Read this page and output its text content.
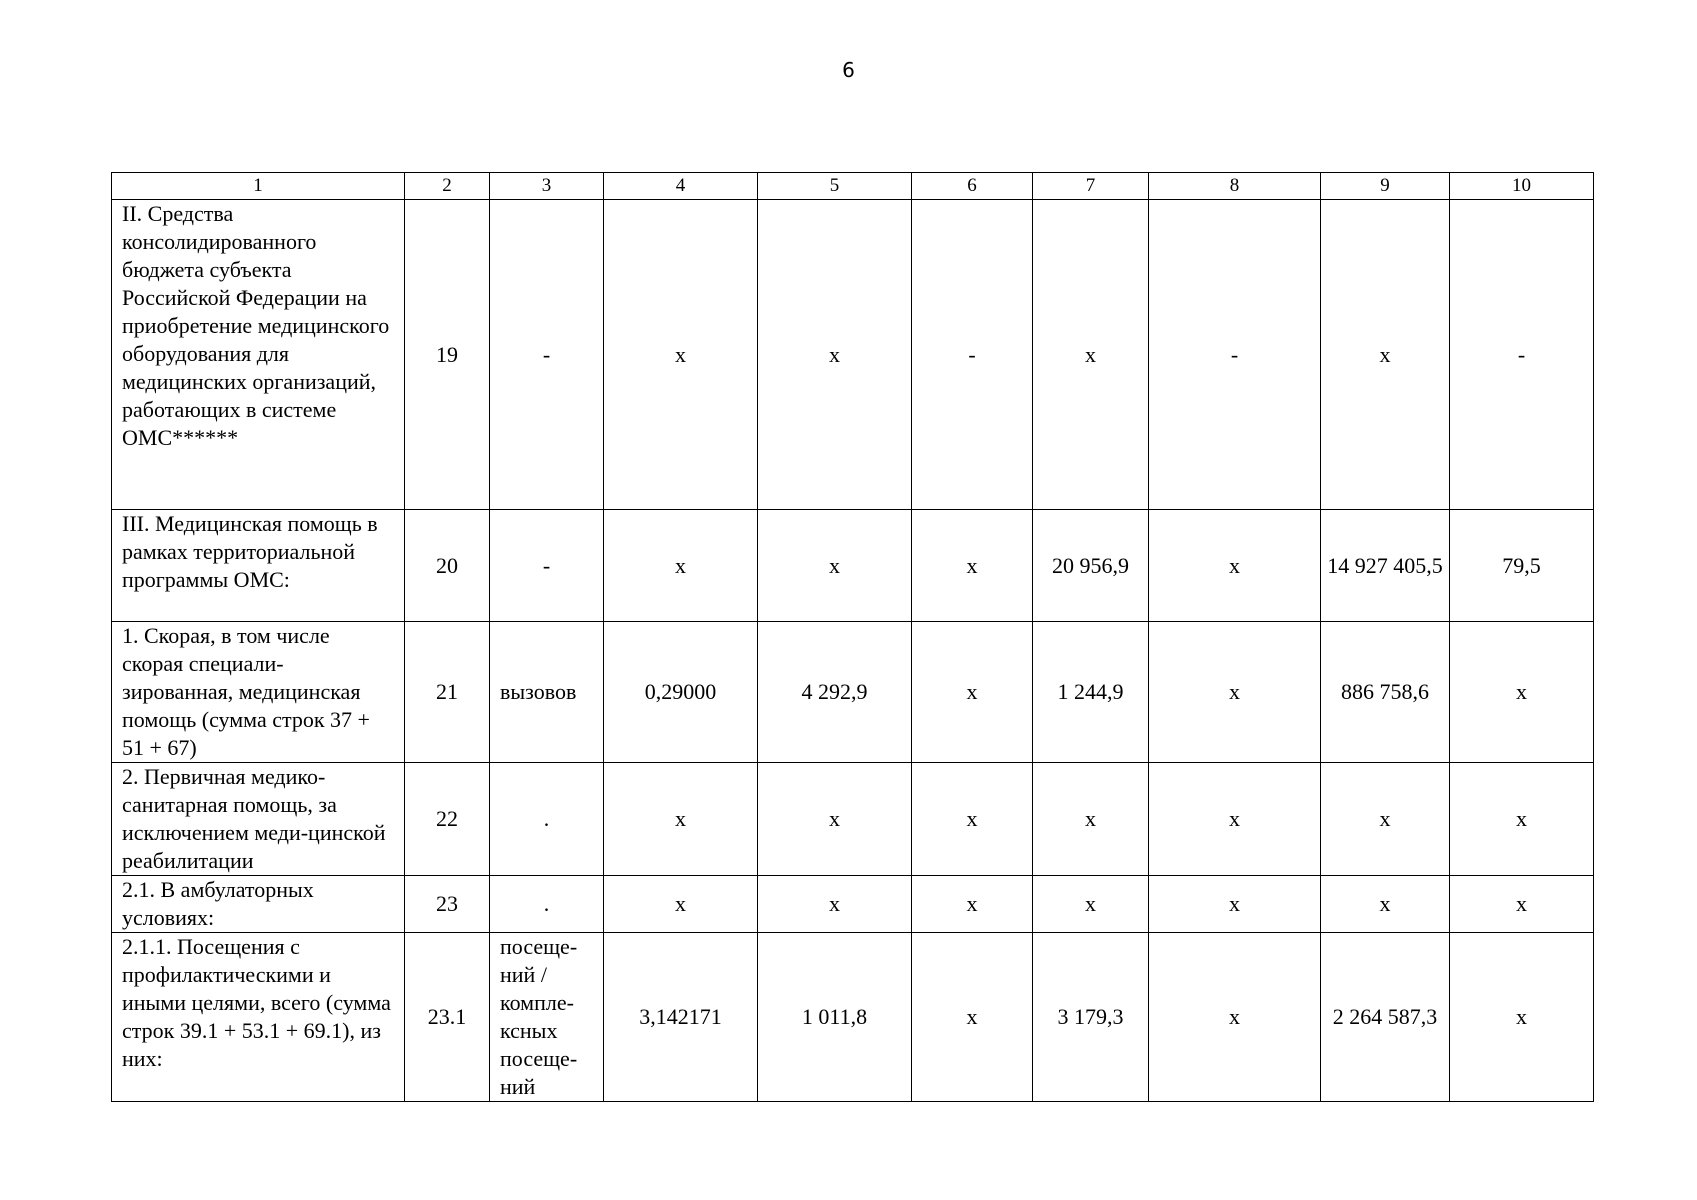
6
1	2	3	4	5	6	7	8	9	10
II. Средства консолидированного бюджета субъекта Российской Федерации на приобретение медицинского оборудования для медицинских организаций, работающих в системе ОМС******	19	-	х	х	-	х	-	х	-
III. Медицинская помощь в рамках территориальной программы ОМС:	20	-	х	х	х	20 956,9	х	14 927 405,5	79,5
1. Скорая, в том числе скорая специали-зированная, медицинская помощь (сумма строк 37 + 51 + 67)	21	вызовов	0,29000	4 292,9	х	1 244,9	х	886 758,6	х
2. Первичная медико-санитарная помощь, за исключением меди-цинской реабилитации	22	.	х	х	х	х	х	х	х
2.1. В амбулаторных условиях:	23	.	х	х	х	х	х	х	х
2.1.1. Посещения с профилактическими и иными целями, всего (сумма строк 39.1 + 53.1 + 69.1), из них:	23.1	посеще-ний / компле-ксных посеще-ний	3,142171	1 011,8	х	3 179,3	х	2 264 587,3	х
